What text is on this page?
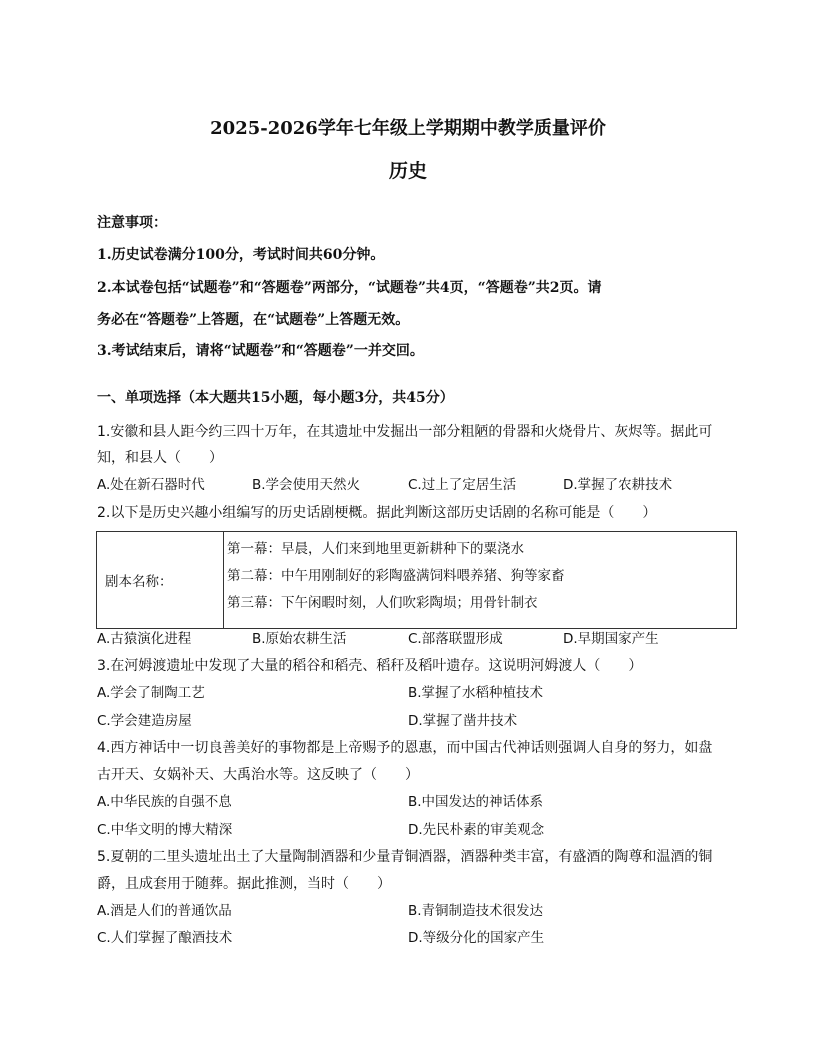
2025-2026学年七年级上学期期中教学质量评价
历史
注意事项：
1.历史试卷满分100分，考试时间共60分钟。
2.本试卷包括“试题卷”和“答题卷”两部分，“试题卷”共4页，“答题卷”共2页。请
务必在“答题卷”上答题，在“试题卷”上答题无效。
3.考试结束后，请将“试题卷”和“答题卷”一并交回。
一、单项选择（本大题共15小题，每小题3分，共45分）
1.安徽和县人距今约三四十万年，在其遗址中发掘出一部分粗陋的骨器和火烧骨片、灰烬等。据此可
知，和县人（　　）
A.处在新石器时代	B.学会使用天然火	C.过上了定居生活	D.掌握了农耕技术
2.以下是历史兴趣小组编写的历史话剧梗概。据此判断这部历史话剧的名称可能是（　　）
剧本名称：	
第一幕：早晨，人们来到地里更新耕种下的粟浇水
第二幕：中午用刚制好的彩陶盛满饲料喂养猪、狗等家畜
第三幕：下午闲暇时刻，人们吹彩陶埙；用骨针制衣
A.古猿演化进程	B.原始农耕生活	C.部落联盟形成	D.早期国家产生
3.在河姆渡遗址中发现了大量的稻谷和稻壳、稻秆及稻叶遗存。这说明河姆渡人（　　）
A.学会了制陶工艺	B.掌握了水稻种植技术
C.学会建造房屋	D.掌握了凿井技术
4.西方神话中一切良善美好的事物都是上帝赐予的恩惠，而中国古代神话则强调人自身的努力，如盘
古开天、女娲补天、大禹治水等。这反映了（　　）
A.中华民族的自强不息	B.中国发达的神话体系
C.中华文明的博大精深	D.先民朴素的审美观念
5.夏朝的二里头遗址出土了大量陶制酒器和少量青铜酒器，酒器种类丰富，有盛酒的陶尊和温酒的铜
爵，且成套用于随葬。据此推测，当时（　　）
A.酒是人们的普通饮品	B.青铜制造技术很发达
C.人们掌握了酿酒技术	D.等级分化的国家产生
